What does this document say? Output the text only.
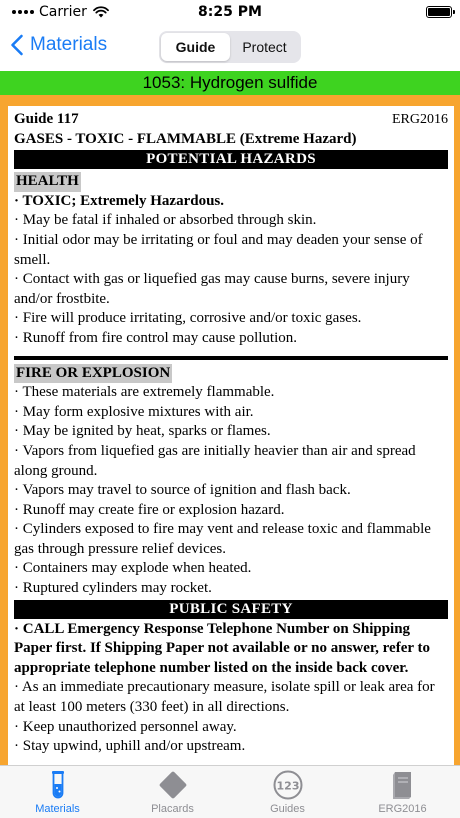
Carrier	8:25 PM
Materials	Guide	Protect
1053: Hydrogen sulfide
Guide 117	ERG2016
GASES - TOXIC - FLAMMABLE (Extreme Hazard)
POTENTIAL HAZARDS
HEALTH
· TOXIC; Extremely Hazardous.
· May be fatal if inhaled or absorbed through skin.
· Initial odor may be irritating or foul and may deaden your sense of smell.
· Contact with gas or liquefied gas may cause burns, severe injury and/or frostbite.
· Fire will produce irritating, corrosive and/or toxic gases.
· Runoff from fire control may cause pollution.
FIRE OR EXPLOSION
· These materials are extremely flammable.
· May form explosive mixtures with air.
· May be ignited by heat, sparks or flames.
· Vapors from liquefied gas are initially heavier than air and spread along ground.
· Vapors may travel to source of ignition and flash back.
· Runoff may create fire or explosion hazard.
· Cylinders exposed to fire may vent and release toxic and flammable gas through pressure relief devices.
· Containers may explode when heated.
· Ruptured cylinders may rocket.
PUBLIC SAFETY
· CALL Emergency Response Telephone Number on Shipping Paper first. If Shipping Paper not available or no answer, refer to appropriate telephone number listed on the inside back cover.
· As an immediate precautionary measure, isolate spill or leak area for at least 100 meters (330 feet) in all directions.
· Keep unauthorized personnel away.
· Stay upwind, uphill and/or upstream.
Materials	Placards
123
Guides	ERG2016
